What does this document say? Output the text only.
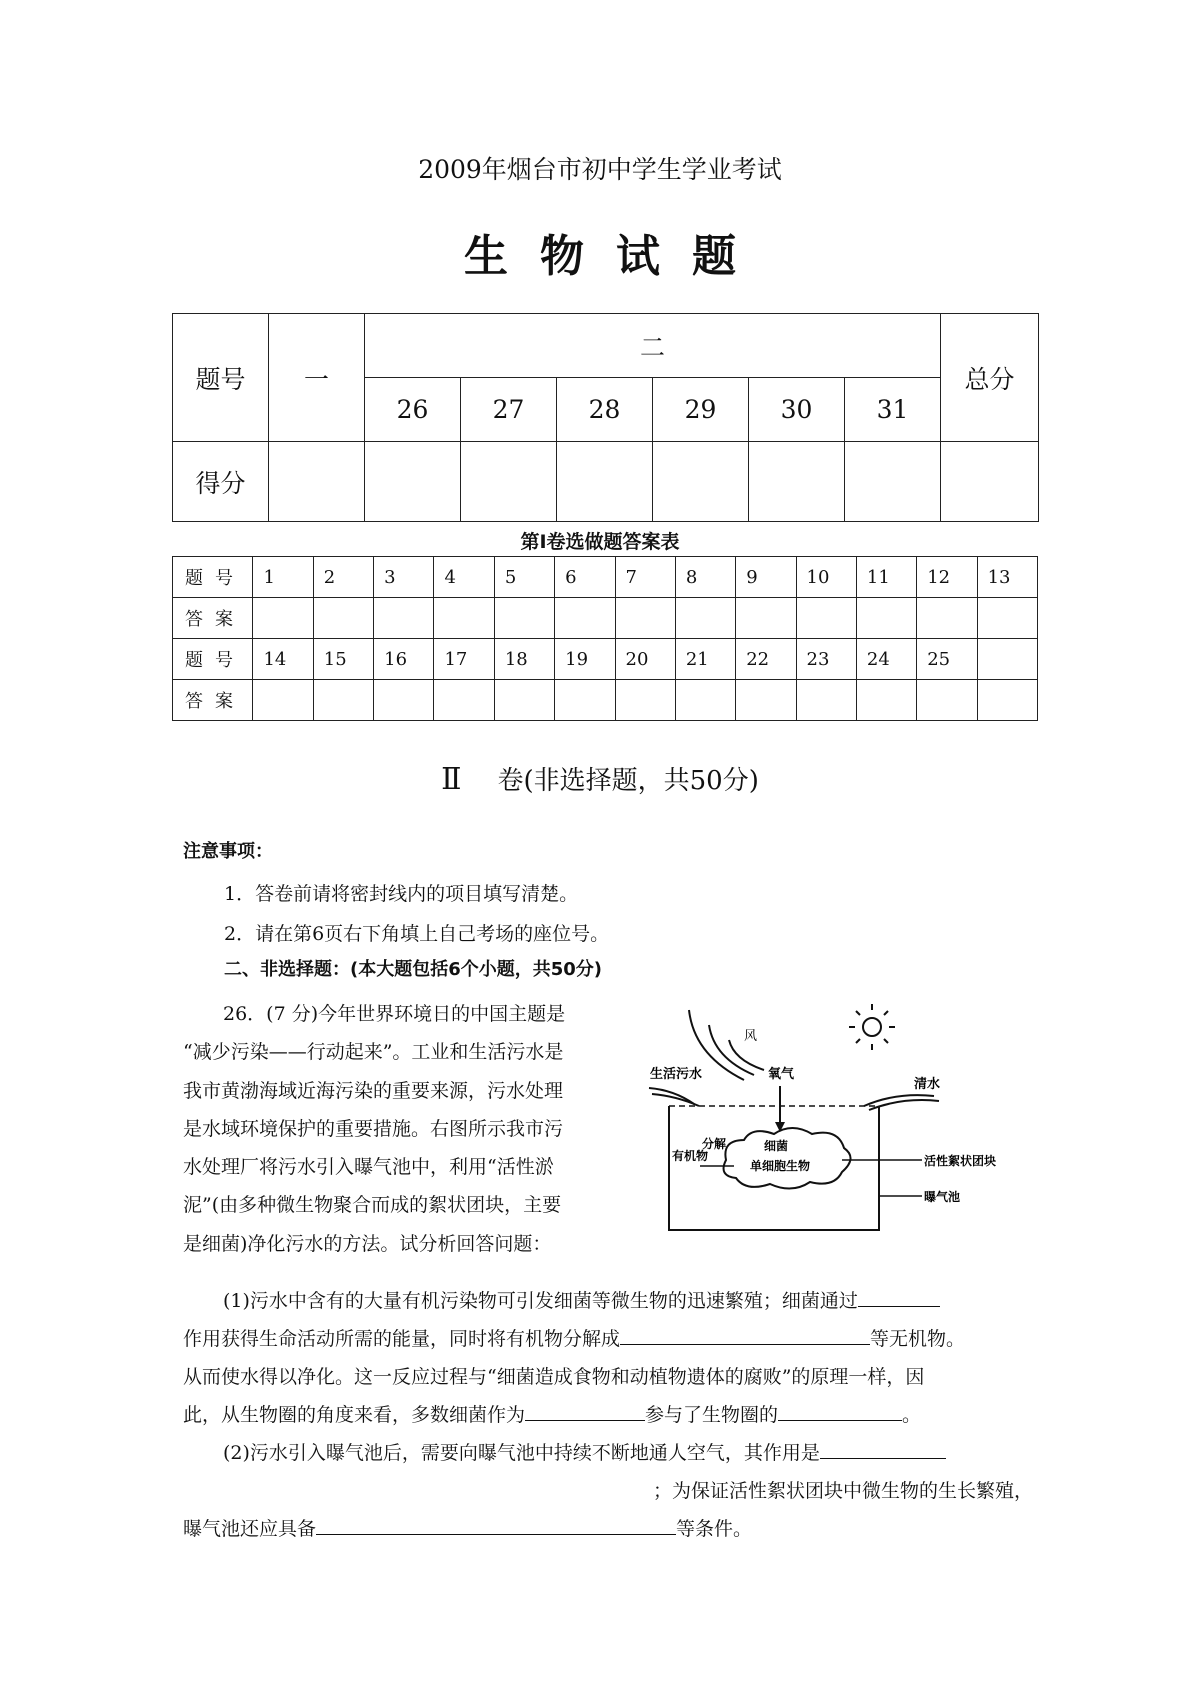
2009年烟台市初中学生学业考试
生物试题
题号	一	二						总分
		26	27	28	29	30	31	
得分								
第Ⅰ卷选做题答案表
题号	1	2	3	4	5	6	7	8	9	10	11	12	13
答案													
题号	14	15	16	17	18	19	20	21	22	23	24	25	
答案													
Ⅱ 卷(非选择题，共50分)
注意事项：
1．答卷前请将密封线内的项目填写清楚。
2．请在第6页右下角填上自己考场的座位号。
二、非选择题：(本大题包括6个小题，共50分)

26．(7 分)今年世界环境日的中国主题是

“减少污染——行动起来”。工业和生活污水是

我市黄渤海域近海污染的重要来源，污水处理

是水域环境保护的重要措施。右图所示我市污

水处理厂将污水引入曝气池中，利用“活性淤

泥”(由多种微生物聚合而成的絮状团块，主要

是细菌)净化污水的方法。试分析回答问题：

风
生活污水	氧气
清水
细菌
单细胞生物
有机物
分解
活性絮状团块
曝气池
(1)污水中含有的大量有机污染物可引发细菌等微生物的迅速繁殖；细菌通过
作用获得生命活动所需的能量，同时将有机物分解成	等无机物。
从而使水得以净化。这一反应过程与“细菌造成食物和动植物遗体的腐败”的原理一样，因
此，从生物圈的角度来看，多数细菌作为	参与了生物圈的	。
(2)污水引入曝气池后，需要向曝气池中持续不断地通人空气，其作用是
；为保证活性絮状团块中微生物的生长繁殖，
曝气池还应具备	等条件。
